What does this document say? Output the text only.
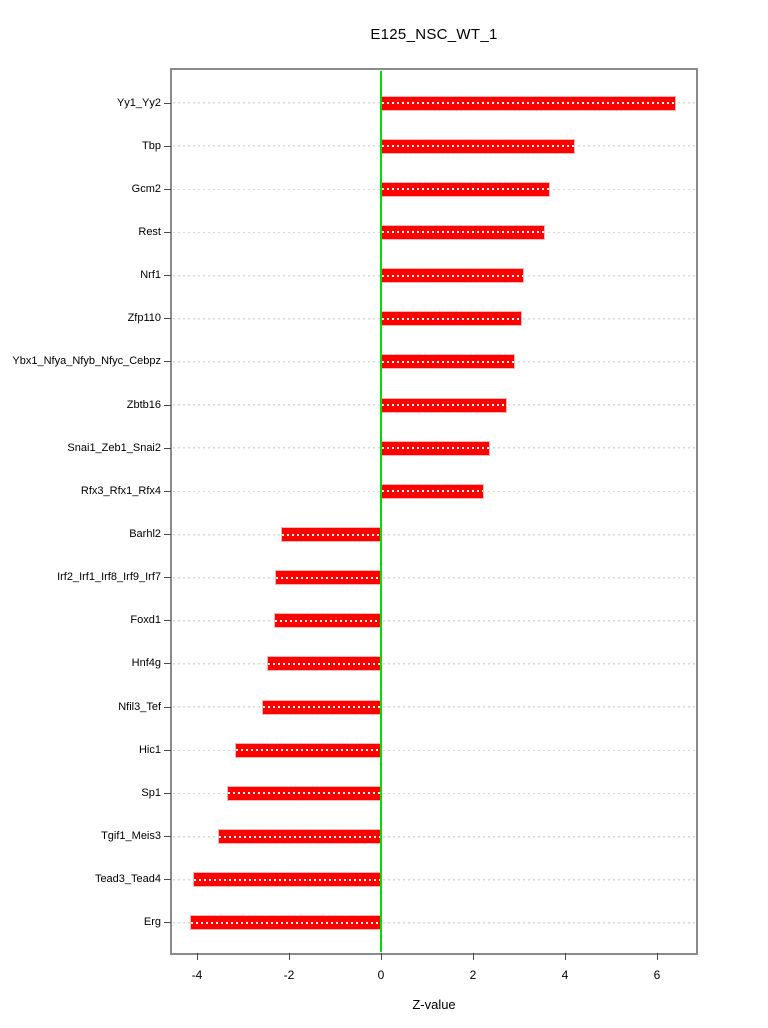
E125_NSC_WT_1
Yy1_Yy2
Tbp
Gcm2
Rest
Nrf1
Zfp110
Ybx1_Nfya_Nfyb_Nfyc_Cebpz
Zbtb16
Snai1_Zeb1_Snai2
Rfx3_Rfx1_Rfx4
Barhl2
Irf2_Irf1_Irf8_Irf9_Irf7
Foxd1
Hnf4g
Nfil3_Tef
Hic1
Sp1
Tgif1_Meis3
Tead3_Tead4
Erg
-4	-2	0	2	4	6
Z-value
